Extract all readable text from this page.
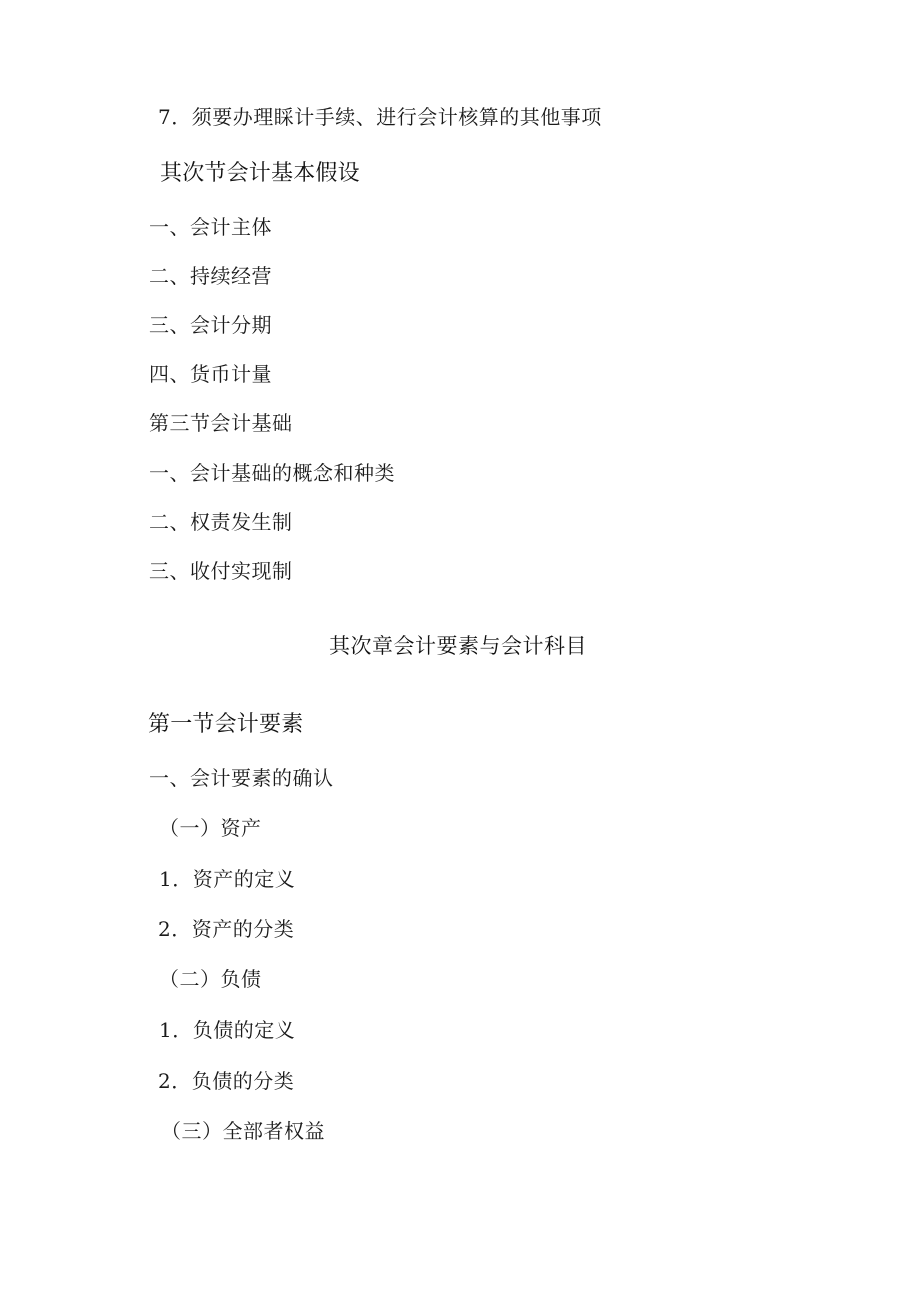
7．须要办理睬计手续、进行会计核算的其他事项
其次节会计基本假设
一、会计主体
二、持续经营
三、会计分期
四、货币计量
第三节会计基础
一、会计基础的概念和种类
二、权责发生制
三、收付实现制
其次章会计要素与会计科目
第一节会计要素
一、会计要素的确认
（一）资产
1．资产的定义
2．资产的分类
（二）负债
1．负债的定义
2．负债的分类
（三）全部者权益
